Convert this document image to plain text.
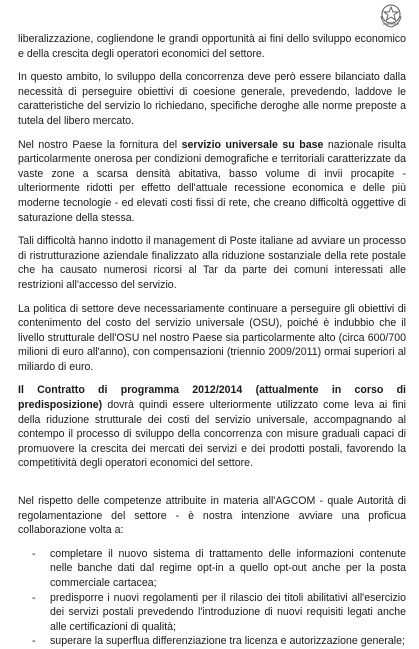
liberalizzazione, cogliendone le grandi opportunità ai fini dello sviluppo economico e della crescita degli operatori economici del settore.

In questo ambito, lo sviluppo della concorrenza deve però essere bilanciato dalla necessità di perseguire obiettivi di coesione generale, prevedendo, laddove le caratteristiche del servizio lo richiedano, specifiche deroghe alle norme preposte a tutela del libero mercato.

Nel nostro Paese la fornitura del servizio universale su base nazionale risulta particolarmente onerosa per condizioni demografiche e territoriali caratterizzate da vaste zone a scarsa densità abitativa, basso volume di invii procapite - ulteriormente ridotti per effetto dell'attuale recessione economica e delle più moderne tecnologie - ed elevati costi fissi di rete, che creano difficoltà oggettive di saturazione della stessa.

Tali difficoltà hanno indotto il management di Poste italiane ad avviare un processo di ristrutturazione aziendale finalizzato alla riduzione sostanziale della rete postale che ha causato numerosi ricorsi al Tar da parte dei comuni interessati alle restrizioni all'accesso del servizio.

La politica di settore deve necessariamente continuare a perseguire gli obiettivi di contenimento del costo del servizio universale (OSU), poiché è indubbio che il livello strutturale dell'OSU nel nostro Paese sia particolarmente alto (circa 600/700 milioni di euro all'anno), con compensazioni (triennio 2009/2011) ormai superiori al miliardo di euro.

Il Contratto di programma 2012/2014 (attualmente in corso di predisposizione) dovrà quindi essere ulteriormente utilizzato come leva ai fini della riduzione strutturale dei costi del servizio universale, accompagnando al contempo il processo di sviluppo della concorrenza con misure graduali capaci di promuovere la crescita dei mercati dei servizi e dei prodotti postali, favorendo la competitività degli operatori economici del settore.

Nel rispetto delle competenze attribuite in materia all'AGCOM - quale Autorità di regolamentazione del settore - è nostra intenzione avviare una proficua collaborazione volta a:

- completare il nuovo sistema di trattamento delle informazioni contenute nelle banche dati dal regime opt-in a quello opt-out anche per la posta commerciale cartacea;
- predisporre i nuovi regolamenti per il rilascio dei titoli abilitativi all'esercizio dei servizi postali prevedendo l'introduzione di nuovi requisiti legati anche alle certificazioni di qualità;
- superare la superflua differenziazione tra licenza e autorizzazione generale;
